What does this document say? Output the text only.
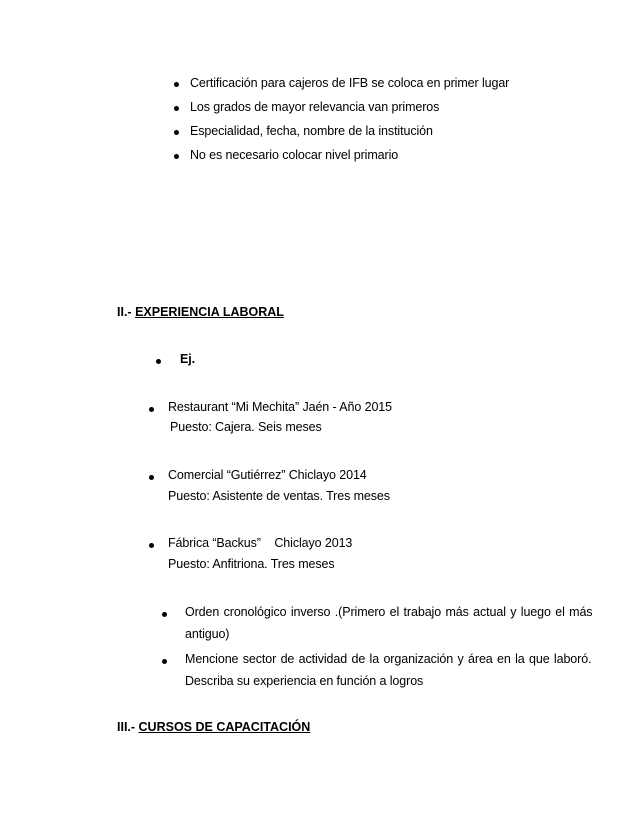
Certificación para cajeros de IFB se coloca en primer lugar
Los grados de mayor relevancia van primeros
Especialidad, fecha, nombre de la institución
No es necesario colocar nivel primario
II.- EXPERIENCIA LABORAL
Ej.
Restaurant “Mi Mechita” Jaén - Año 2015
Puesto: Cajera. Seis meses
Comercial “Gutiérrez” Chiclayo 2014
Puesto: Asistente de ventas. Tres meses
Fábrica “Backus”    Chiclayo 2013
Puesto: Anfitriona. Tres meses
Orden cronológico inverso .(Primero el trabajo más actual y luego el más
antiguo)
Mencione sector de actividad de la organización y área en la que laboró.
Describa su experiencia en función a logros
III.- CURSOS DE CAPACITACIÓN
